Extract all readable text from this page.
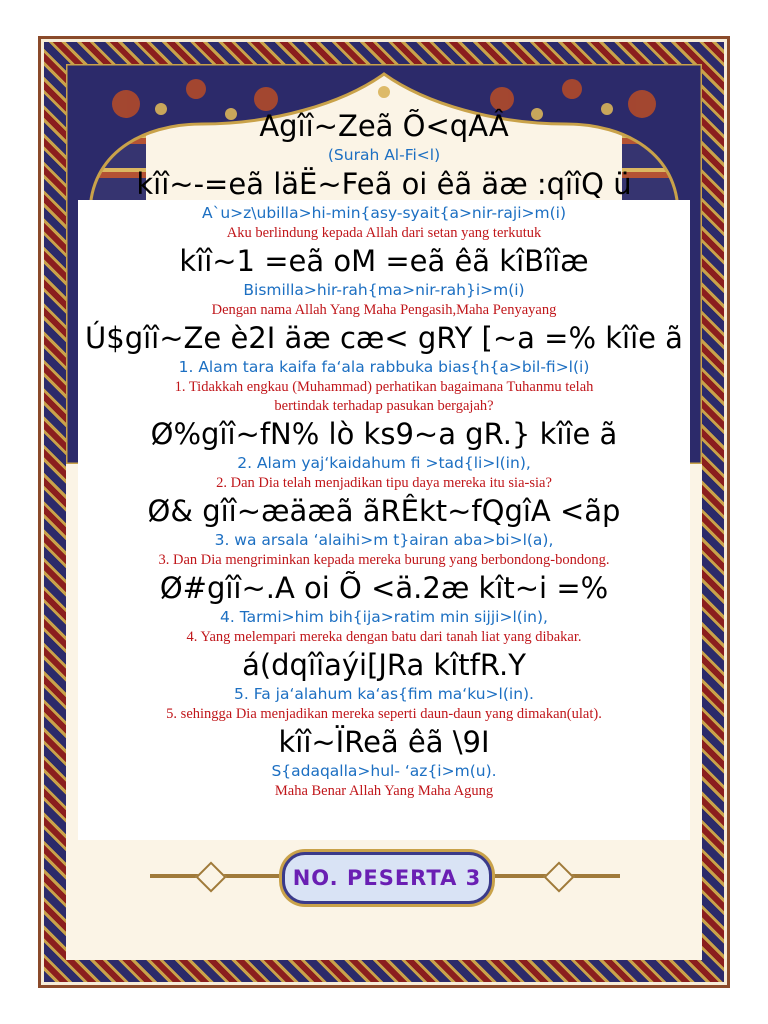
Agîî~Zeã Õ<qAÂ
(Surah Al-Fi<l)
kîî~-=eã läË~Feã oi êã äæ :qîîQ ü
A`u>z\ubilla>hi-min{asy-syait{a>nir-raji>m(i)
Aku berlindung kepada Allah dari setan yang terkutuk
kîî~1 =eã oM =eã êã kîBîîæ
Bismilla>hir-rah{ma>nir-rah}i>m(i)
Dengan nama Allah Yang Maha Pengasih,Maha Penyayang
Ú$gîî~Ze è2I äæ cæ< gRY [~a =% kîîe ã
1. Alam tara kaifa fa‘ala rabbuka bias{h{a>bil-fi>l(i)
1. Tidakkah engkau (Muhammad) perhatikan bagaimana Tuhanmu telah
bertindak terhadap pasukan bergajah?
Ø%gîî~fN% lò ks9~a gR.} kîîe ã
2. Alam yaj‘kaidahum fi >tad{li>l(in),
2. Dan Dia telah menjadikan tipu daya mereka itu sia-sia?
Ø& gîî~æäæã ãRÊkt~fQgîA <ãp
3. wa arsala ‘alaihi>m t}airan aba>bi>l(a),
3. Dan Dia mengriminkan kepada mereka burung yang berbondong-bondong.
Ø#gîî~.A oi Õ <ä.2æ kît~i =%
4. Tarmi>him bih{ija>ratim min sijji>l(in),
4. Yang melempari mereka dengan batu dari tanah liat yang dibakar.
á(dqîîaýi[JRa kîtfR.Y
5. Fa ja‘alahum ka‘as{fim ma‘ku>l(in).
5. sehingga Dia menjadikan mereka seperti daun-daun yang dimakan(ulat).
kîî~ÏReã êã \9I
S{adaqalla>hul- ‘az{i>m(u).
Maha Benar Allah Yang Maha Agung
NO. PESERTA 3
